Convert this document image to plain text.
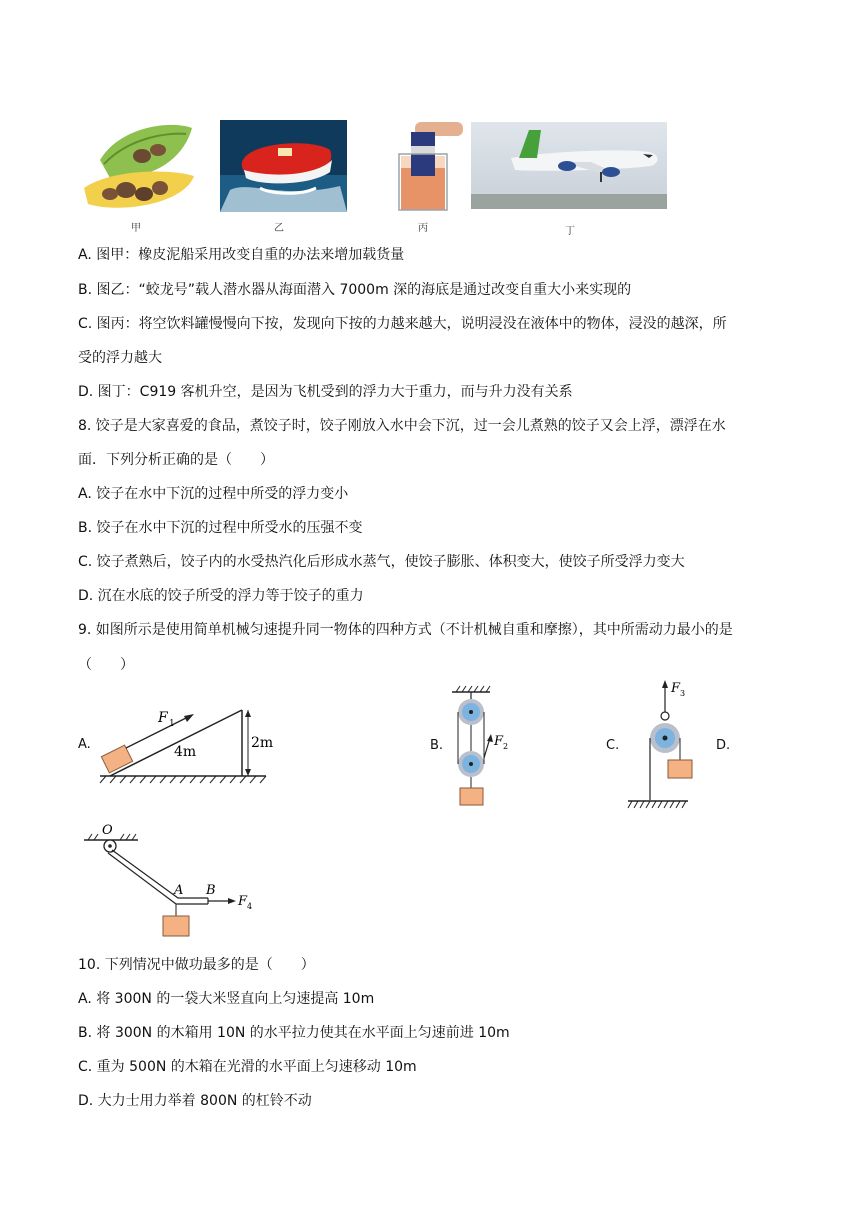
甲	乙	丙	丁
A. 图甲：橡皮泥船采用改变自重的办法来增加载货量
B. 图乙：“蛟龙号”载人潜水器从海面潜入 7000m 深的海底是通过改变自重大小来实现的
C. 图丙：将空饮料罐慢慢向下按，发现向下按的力越来越大，说明浸没在液体中的物体，浸没的越深，所
受的浮力越大
D. 图丁：C919 客机升空，是因为飞机受到的浮力大于重力，而与升力没有关系
8. 饺子是大家喜爱的食品，煮饺子时，饺子刚放入水中会下沉，过一会儿煮熟的饺子又会上浮，漂浮在水
面．下列分析正确的是（　　）
A. 饺子在水中下沉的过程中所受的浮力变小
B. 饺子在水中下沉的过程中所受水的压强不变
C. 饺子煮熟后，饺子内的水受热汽化后形成水蒸气，使饺子膨胀、体积变大，使饺子所受浮力变大
D. 沉在水底的饺子所受的浮力等于饺子的重力
9. 如图所示是使用简单机械匀速提升同一物体的四种方式（不计机械自重和摩擦），其中所需动力最小的是
（　　）
A.	B.	C.	D.
F 1
4m
2m	F 2
F 3
O
A B
F 4
10. 下列情况中做功最多的是（　　）
A. 将 300N 的一袋大米竖直向上匀速提高 10m
B. 将 300N 的木箱用 10N 的水平拉力使其在水平面上匀速前进 10m
C. 重为 500N 的木箱在光滑的水平面上匀速移动 10m
D. 大力士用力举着 800N 的杠铃不动
